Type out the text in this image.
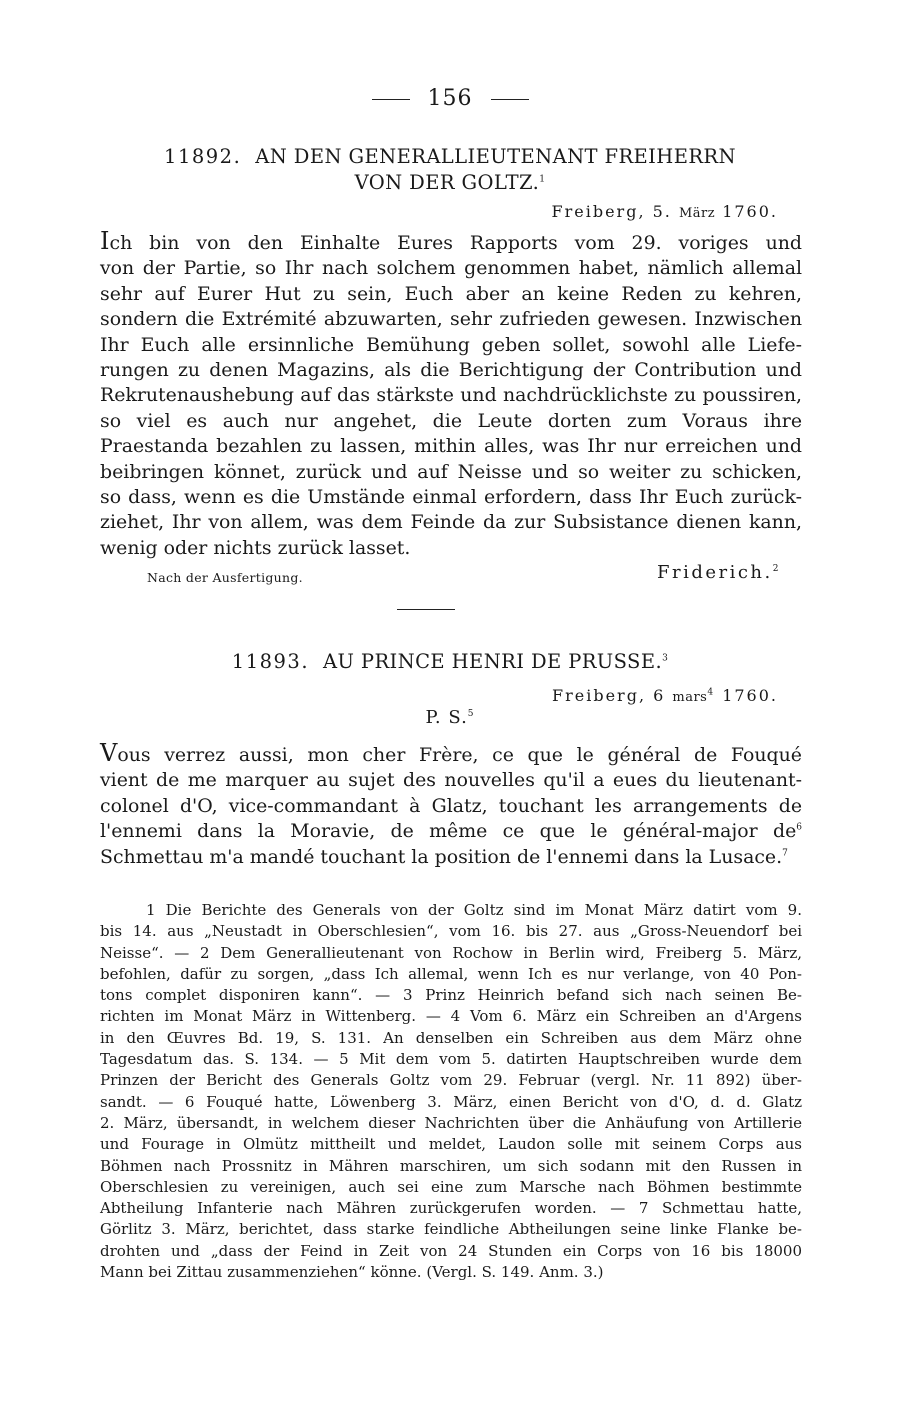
156
11892. AN DEN GENERALLIEUTENANT FREIHERRN
VON DER GOLTZ.$^1$
Freiberg, 5. März 1760.
Ich bin von den Einhalte Eures Rapports vom 29. voriges und
von der Partie, so Ihr nach solchem genommen habet, nämlich allemal
sehr auf Eurer Hut zu sein, Euch aber an keine Reden zu kehren,
sondern die Extrémité abzuwarten, sehr zufrieden gewesen. Inzwischen
Ihr Euch alle ersinnliche Bemühung geben sollet, sowohl alle Liefe-
rungen zu denen Magazins, als die Berichtigung der Contribution und
Rekrutenaushebung auf das stärkste und nachdrücklichste zu poussiren,
so viel es auch nur angehet, die Leute dorten zum Voraus ihre
Praestanda bezahlen zu lassen, mithin alles, was Ihr nur erreichen und
beibringen könnet, zurück und auf Neisse und so weiter zu schicken,
so dass, wenn es die Umstände einmal erfordern, dass Ihr Euch zurück-
ziehet, Ihr von allem, was dem Feinde da zur Subsistance dienen kann,
wenig oder nichts zurück lasset.
Nach der Ausfertigung.	Friderich.$^2$
11893. AU PRINCE HENRI DE PRUSSE.$^3$
Freiberg, 6 mars$^4$ 1760.
P. S.$^5$
Vous verrez aussi, mon cher Frère, ce que le général de Fouqué
vient de me marquer au sujet des nouvelles qu'il a eues du lieutenant-
colonel d'O, vice-commandant à Glatz, touchant les arrangements de
l'ennemi dans la Moravie, de même ce que le général-major $de^6$
Schmettau m'a mandé touchant la position de l'ennemi dans la Lusace.$^7$
1 Die Berichte des Generals von der Goltz sind im Monat März datirt vom 9.
bis 14. aus „Neustadt in Oberschlesien“, vom 16. bis 27. aus „Gross-Neuendorf bei
Neisse“. — 2 Dem Generallieutenant von Rochow in Berlin wird, Freiberg 5. März,
befohlen, dafür zu sorgen, „dass Ich allemal, wenn Ich es nur verlange, von 40 Pon-
tons complet disponiren kann“. — 3 Prinz Heinrich befand sich nach seinen Be-
richten im Monat März in Wittenberg. — 4 Vom 6. März ein Schreiben an d'Argens
in den Œuvres Bd. 19, S. 131. An denselben ein Schreiben aus dem März ohne
Tagesdatum das. S. 134. — 5 Mit dem vom 5. datirten Hauptschreiben wurde dem
Prinzen der Bericht des Generals Goltz vom 29. Februar (vergl. Nr. 11 892) über-
sandt. — 6 Fouqué hatte, Löwenberg 3. März, einen Bericht von d'O, d. d. Glatz
2. März, übersandt, in welchem dieser Nachrichten über die Anhäufung von Artillerie
und Fourage in Olmütz mittheilt und meldet, Laudon solle mit seinem Corps aus
Böhmen nach Prossnitz in Mähren marschiren, um sich sodann mit den Russen in
Oberschlesien zu vereinigen, auch sei eine zum Marsche nach Böhmen bestimmte
Abtheilung Infanterie nach Mähren zurückgerufen worden. — 7 Schmettau hatte,
Görlitz 3. März, berichtet, dass starke feindliche Abtheilungen seine linke Flanke be-
drohten und „dass der Feind in Zeit von 24 Stunden ein Corps von 16 bis 18000
Mann bei Zittau zusammenziehen“ könne. (Vergl. S. 149. Anm. 3.)
